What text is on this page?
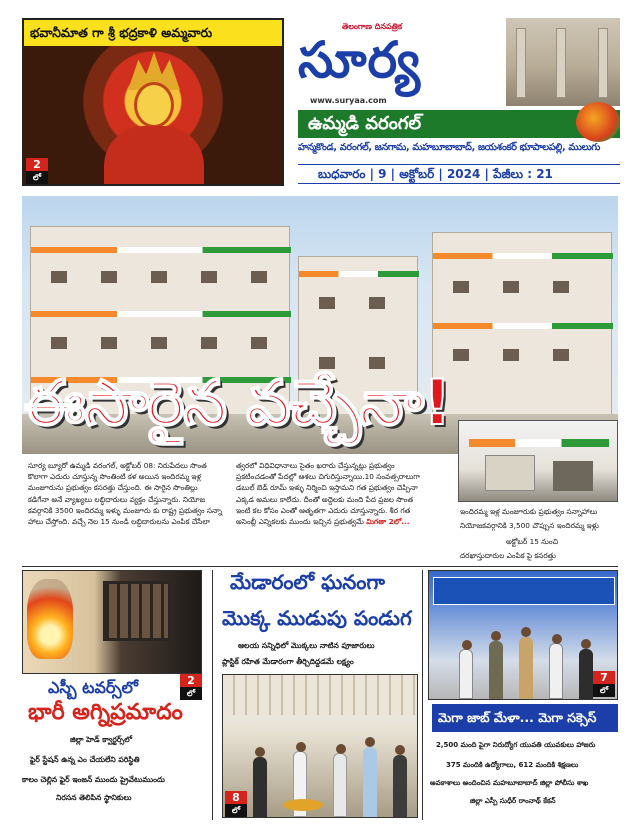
భవానీమాత గా శ్రీ భద్రకాళి అమ్మవారు
2
లో
తెలంగాణ దినపత్రిక
సూర్య
www.suryaa.com
ఉమ్మడి వరంగల్
హన్మకొండ, వరంగల్, జనగామ, మహబూబాబాద్, జయశంకర్ భూపాలపల్లి, ములుగు
బుధవారం | 9 | అక్టోబర్ | 2024 | పేజీలు : 21
ఈసారైన వచ్చేనా!
ఇందిరమ్మ ఇళ్ల మంజూరుకు ప్రభుత్వం సన్నాహాలు
నియోజకవర్గానికి 3,500 చొప్పున ఇందిరమ్మ ఇళ్లు
అక్టోబర్ 15 నుంచి
దరఖాస్తుదారుల ఎంపిక పై కసరత్తు
సూర్య బ్యూరో ఉమ్మడి వరంగల్, అక్టోబర్ 08: నిరుపేదలు సొంత
కొలాగా ఎదురు చూస్తున్న సొంతింటి కళ అయిన ఇందిరమ్మ ఇళ్ల
మంజూరును ప్రభుత్వం కసరత్తు చేస్తుంది. ఈ సారైన సొంతిల్లు
కడిగేనా అనే వ్యాఖ్యలు లబ్ధిదారులు వ్యక్తం చేస్తున్నారు. నియోజ
కవర్గానికి 3500 ఇందిరమ్మ ఇళ్ళు మంజూరు కు రాష్ట్ర ప్రభుత్వం సన్నా
హాలు చేస్తోంది. వచ్చే నెల 15 నుండి లబ్ధిదారులను ఎంపిక చేసేలా
త్వరలో విధివిధానాలు సైతం ఖరారు చేస్తున్నట్లు ప్రభుత్వం
ప్రకటించడంతో పేదల్లో ఆశలు చిగురిస్తున్నాయి.10 సంవత్సరాలుగా
డబుల్ బెడ్ రూమ్ ఇళ్ళు నిర్మించి ఇస్తామని గత ప్రభుత్వం చెప్పినా
ఎక్కడ అమలు కాలేదు. దీంతో అద్దెలకు మంది పేద ప్రజల సొంత
ఇంటి కల కోసం ఎంతో ఆతృతగా ఎదురు చూస్తున్నారు. శీర గత
అసెంబ్లీ ఎన్నికలకు ముందు ఇచ్చిన ప్రభుత్వమే మిగతా 2లో...
2
లో
ఎస్బీ టవర్స్‌లో
భారీ అగ్నిప్రమాదం
జిల్లా హెడ్ క్వార్టర్స్‌లో
ఫైర్ స్టేషన్ ఉన్న ఎం చేయలేని పరిస్థితి
కాలం చెల్లిన ఫైర్ ఇంజన్ ముందు ప్రైవేటుముందు
నిరసన తెలిపిన స్థానికులు
మేడారంలో ఘనంగా
మొక్క ముడుపు పండుగ
ఆలయ సన్నిధిలో మొక్కలు నాటిన పూజారులు
ప్లాస్టిక్ రహిత మేడారంగా తీర్చిదిద్దడమే లక్ష్యం
8
లో
7
లో
మెగా జాబ్ మేళా... మెగా సక్సెస్
2,500 మంది పైగా నిరుద్యోగ యువతి యువకులు హాజరు
375 మందికి ఉద్యోగాలు, 612 మందికి శిక్షణలు
అవకాశాలు అందించిన మహబూబాబాద్ జిల్లా పోలీసు శాఖ
జిల్లా ఎస్పీ సుధీర్ రాంనాథ్ కేకన్
